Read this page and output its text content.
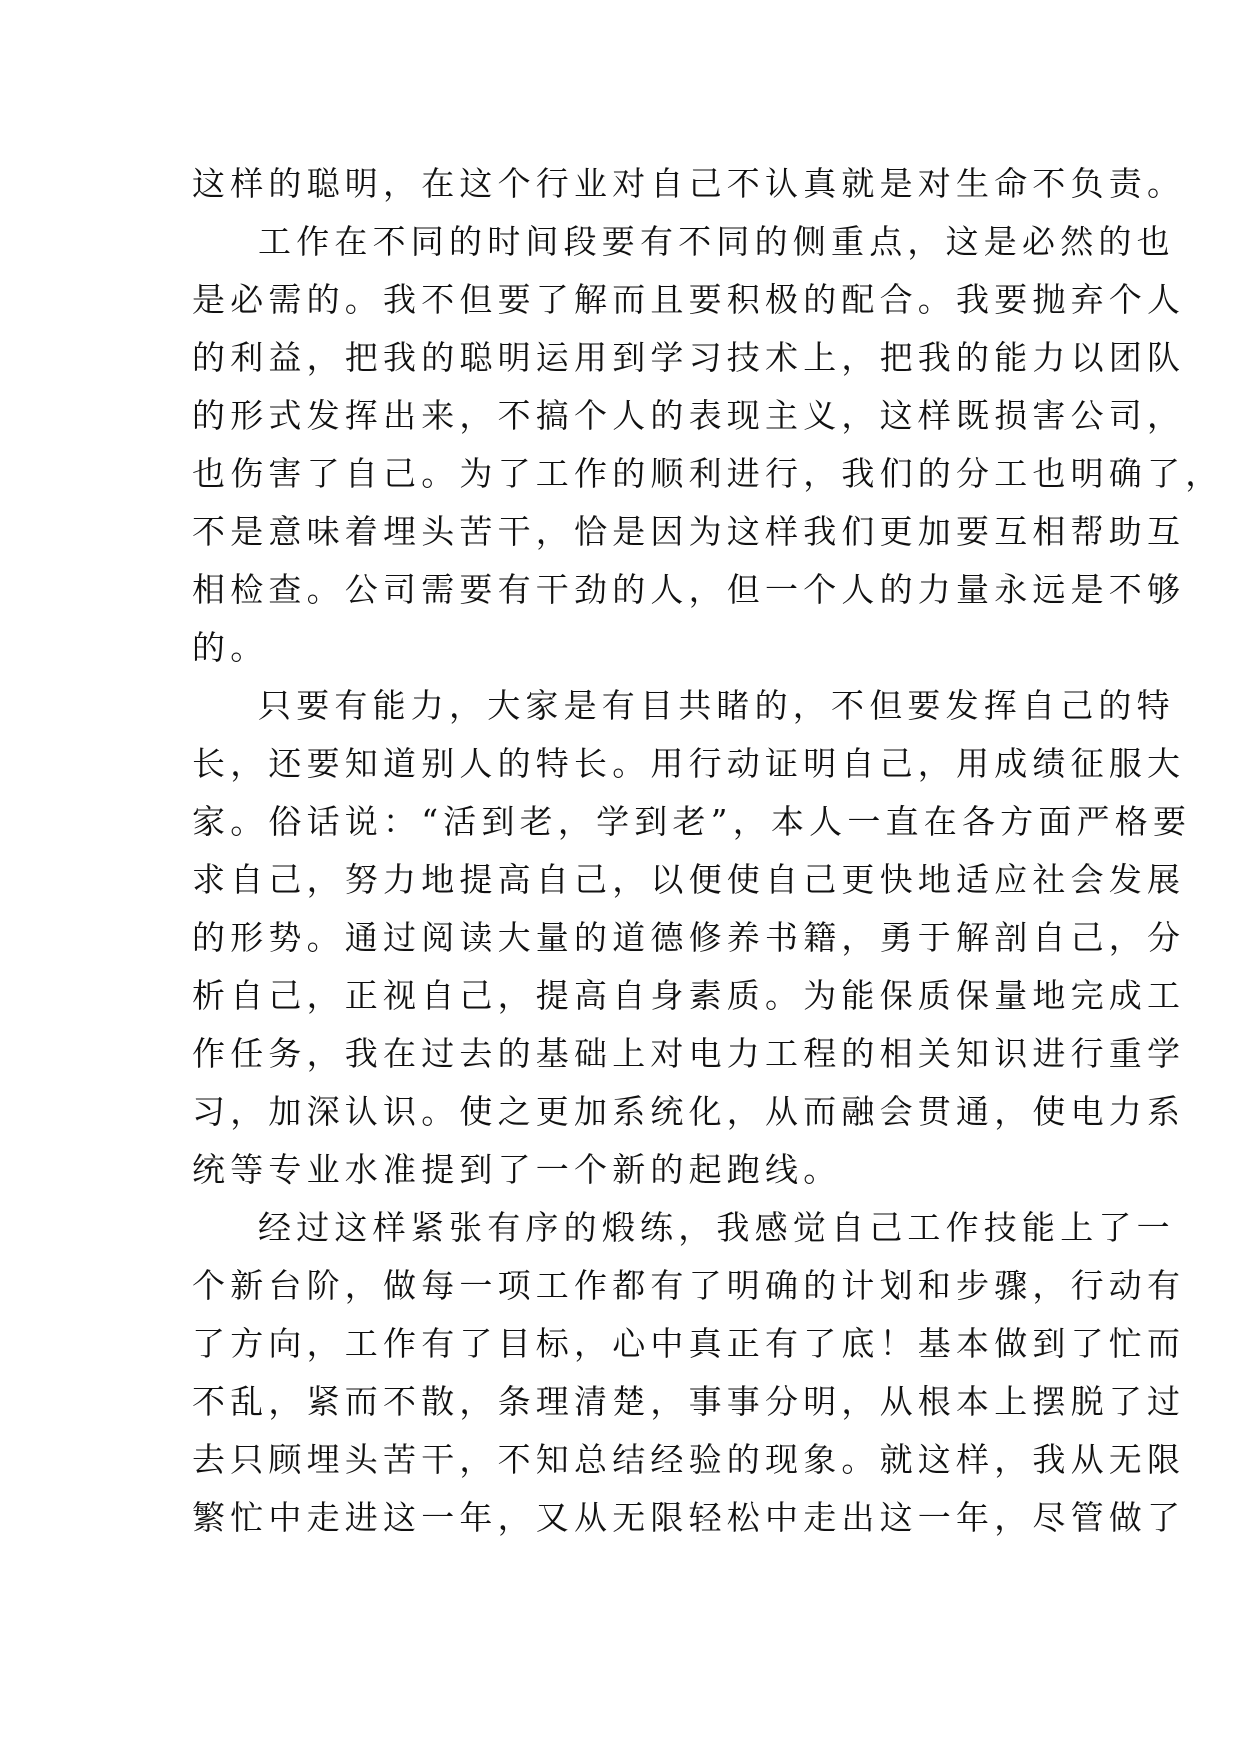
这样的聪明，在这个行业对自己不认真就是对生命不负责。
工作在不同的时间段要有不同的侧重点，这是必然的也
是必需的。我不但要了解而且要积极的配合。我要抛弃个人
的利益，把我的聪明运用到学习技术上，把我的能力以团队
的形式发挥出来，不搞个人的表现主义，这样既损害公司，
也伤害了自己。为了工作的顺利进行，我们的分工也明确了，
不是意味着埋头苦干，恰是因为这样我们更加要互相帮助互
相检查。公司需要有干劲的人，但一个人的力量永远是不够
的。
只要有能力，大家是有目共睹的，不但要发挥自己的特
长，还要知道别人的特长。用行动证明自己，用成绩征服大
家。俗话说：“活到老，学到老”，本人一直在各方面严格要
求自己，努力地提高自己，以便使自己更快地适应社会发展
的形势。通过阅读大量的道德修养书籍，勇于解剖自己，分
析自己，正视自己，提高自身素质。为能保质保量地完成工
作任务，我在过去的基础上对电力工程的相关知识进行重学
习，加深认识。使之更加系统化，从而融会贯通，使电力系
统等专业水准提到了一个新的起跑线。
经过这样紧张有序的煅练，我感觉自己工作技能上了一
个新台阶，做每一项工作都有了明确的计划和步骤，行动有
了方向，工作有了目标，心中真正有了底！基本做到了忙而
不乱，紧而不散，条理清楚，事事分明，从根本上摆脱了过
去只顾埋头苦干，不知总结经验的现象。就这样，我从无限
繁忙中走进这一年，又从无限轻松中走出这一年，尽管做了
